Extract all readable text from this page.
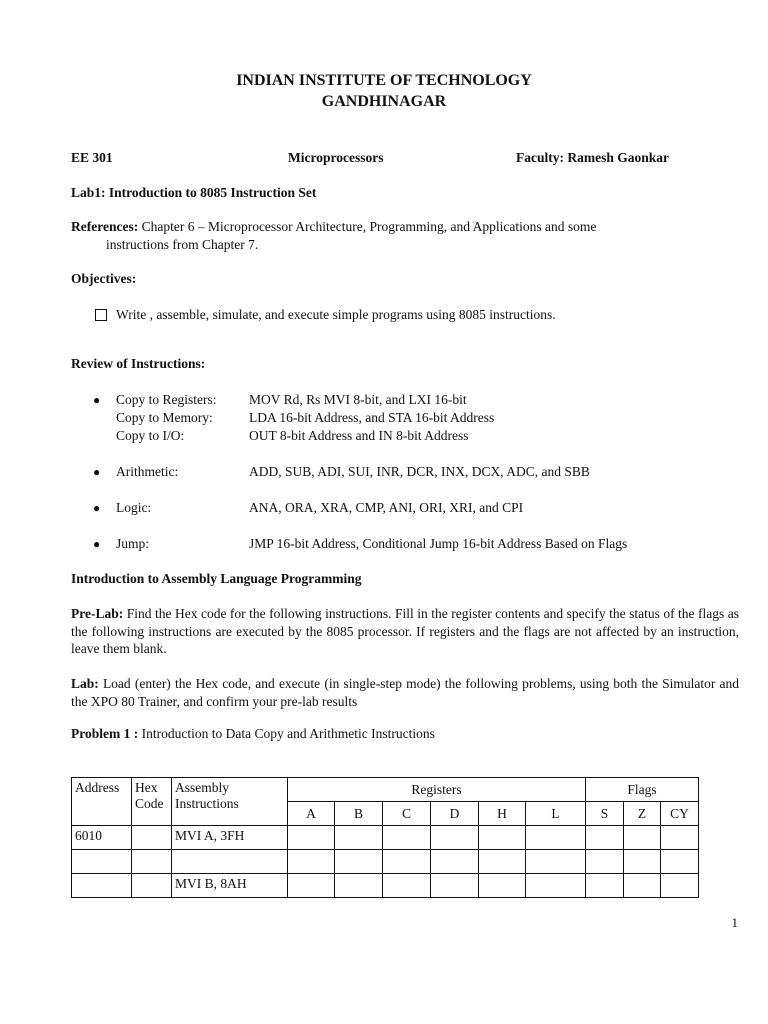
INDIAN INSTITUTE OF TECHNOLOGY

GANDHINAGAR

EE 301	Microprocessors	Faculty: Ramesh Gaonkar

Lab1: Introduction to 8085 Instruction Set

References: Chapter 6 – Microprocessor Architecture, Programming, and Applications and some

instructions from Chapter 7.

Objectives:

Write , assemble, simulate, and execute simple programs using 8085 instructions.

Review of Instructions:

● Copy to Registers: MOV Rd, Rs MVI 8-bit, and LXI 16-bit

Copy to Memory:	LDA 16-bit Address, and STA 16-bit Address

Copy to I/O:	OUT 8-bit Address and IN 8-bit Address

● Arithmetic:	ADD, SUB, ADI, SUI, INR, DCR, INX, DCX, ADC, and SBB

● Logic:	ANA, ORA, XRA, CMP, ANI, ORI, XRI, and CPI

● Jump:	JMP 16-bit Address, Conditional Jump 16-bit Address Based on Flags

Introduction to Assembly Language Programming

Pre-Lab: Find the Hex code for the following instructions. Fill in the register contents and specify the status of the flags as the following instructions are executed by the 8085 processor. If registers and the flags are not affected by an instruction, leave them blank.

Lab: Load (enter) the Hex code, and execute (in single-step mode) the following problems, using both the Simulator and the XPO 80 Trainer, and confirm your pre-lab results

Problem 1 : Introduction to Data Copy and Arithmetic Instructions

Address	Hex Code	Assembly Instructions	Registers						Flags		
			A	B	C	D	H	L	S	Z	CY
6010		MVI A, 3FH									

		MVI B, 8AH									

1
